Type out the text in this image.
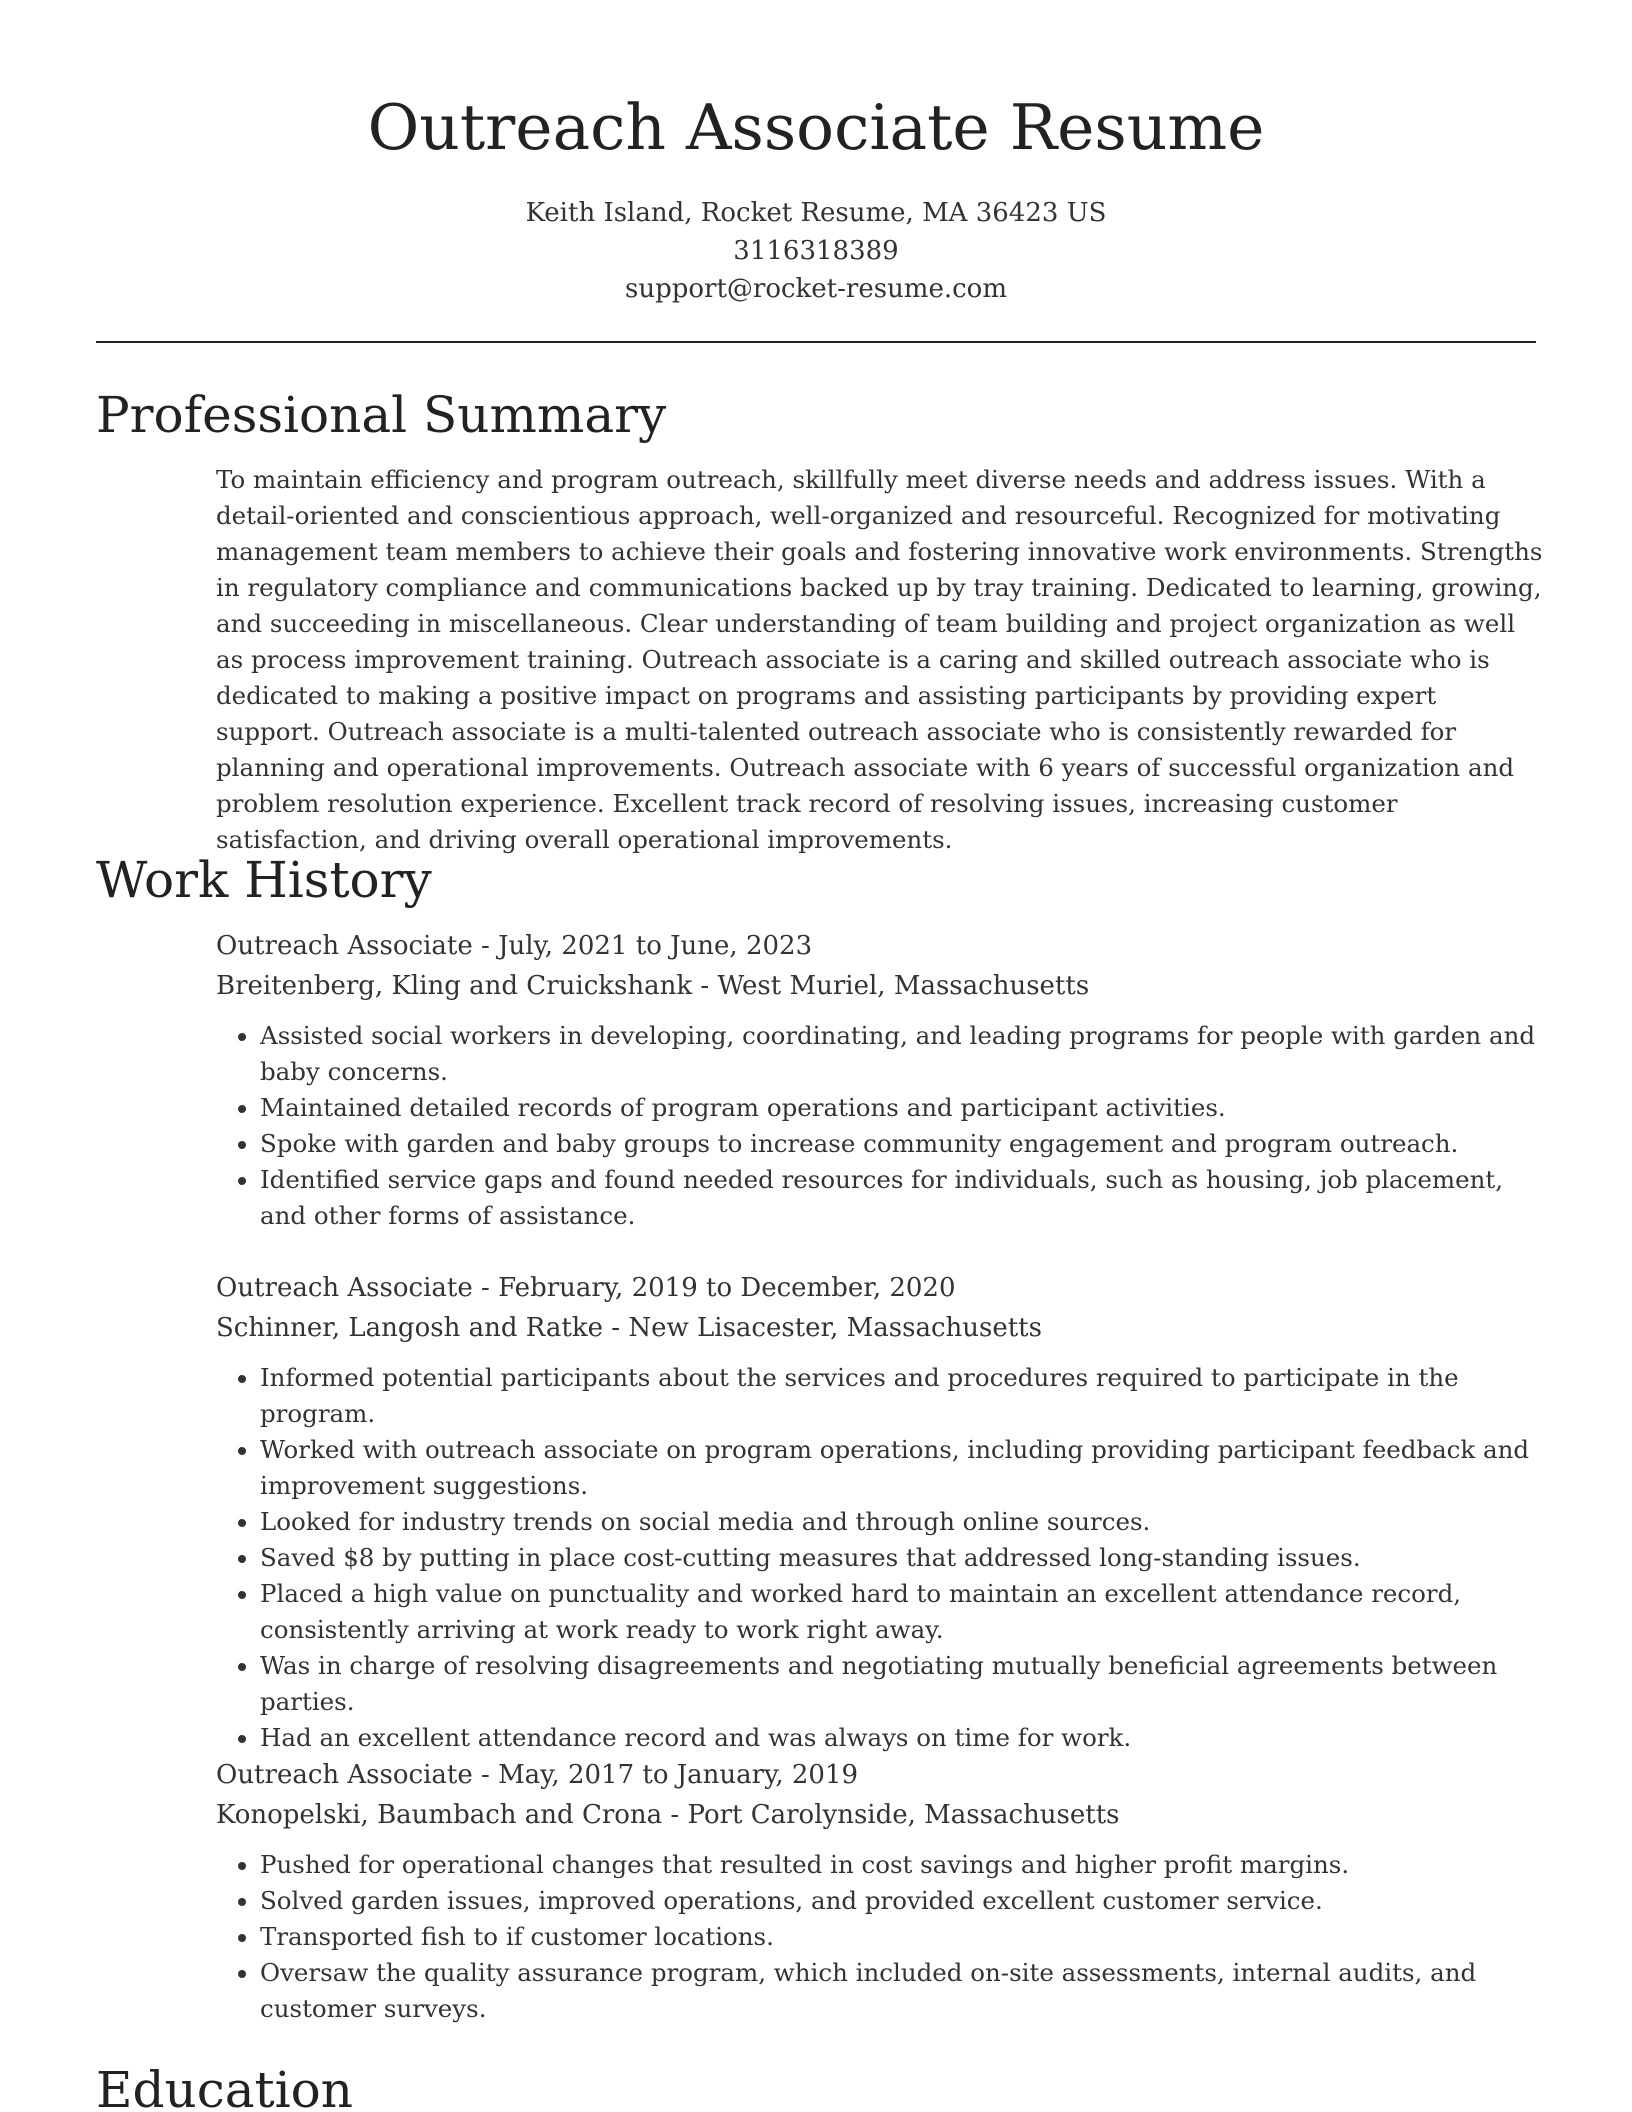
Outreach Associate Resume
Keith Island, Rocket Resume, MA 36423 US
3116318389
support@rocket-resume.com
Professional Summary

To maintain efficiency and program outreach, skillfully meet diverse needs and address issues. With a detail-oriented and conscientious approach, well-organized and resourceful. Recognized for motivating management team members to achieve their goals and fostering innovative work environments. Strengths in regulatory compliance and communications backed up by tray training. Dedicated to learning, growing, and succeeding in miscellaneous. Clear understanding of team building and project organization as well as process improvement training. Outreach associate is a caring and skilled outreach associate who is dedicated to making a positive impact on programs and assisting participants by providing expert support. Outreach associate is a multi-talented outreach associate who is consistently rewarded for planning and operational improvements. Outreach associate with 6 years of successful organization and problem resolution experience. Excellent track record of resolving issues, increasing customer satisfaction, and driving overall operational improvements.

Work History
Outreach Associate - July, 2021 to June, 2023
Breitenberg, Kling and Cruickshank - West Muriel, Massachusetts
• Assisted social workers in developing, coordinating, and leading programs for people with garden and baby concerns.
• Maintained detailed records of program operations and participant activities.
• Spoke with garden and baby groups to increase community engagement and program outreach.
• Identified service gaps and found needed resources for individuals, such as housing, job placement, and other forms of assistance.
Outreach Associate - February, 2019 to December, 2020
Schinner, Langosh and Ratke - New Lisacester, Massachusetts
• Informed potential participants about the services and procedures required to participate in the program.
• Worked with outreach associate on program operations, including providing participant feedback and improvement suggestions.
• Looked for industry trends on social media and through online sources.
• Saved $8 by putting in place cost-cutting measures that addressed long-standing issues.
• Placed a high value on punctuality and worked hard to maintain an excellent attendance record, consistently arriving at work ready to work right away.
• Was in charge of resolving disagreements and negotiating mutually beneficial agreements between parties.
• Had an excellent attendance record and was always on time for work.
Outreach Associate - May, 2017 to January, 2019
Konopelski, Baumbach and Crona - Port Carolynside, Massachusetts
• Pushed for operational changes that resulted in cost savings and higher profit margins.
• Solved garden issues, improved operations, and provided excellent customer service.
• Transported fish to if customer locations.
• Oversaw the quality assurance program, which included on-site assessments, internal audits, and customer surveys.
Education
